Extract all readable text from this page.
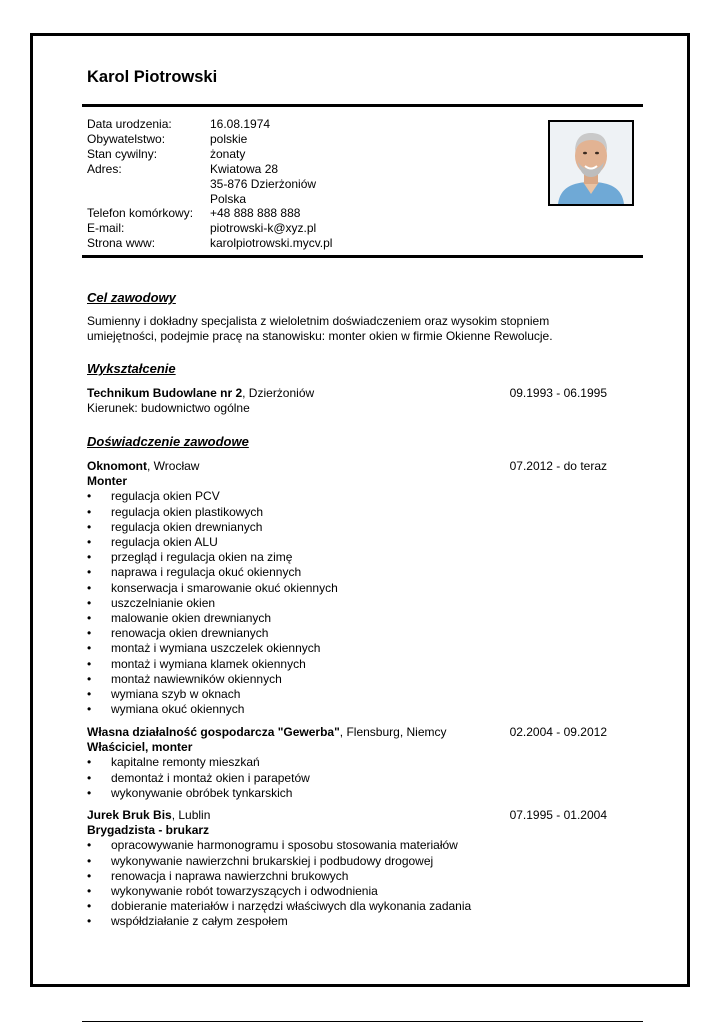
Karol Piotrowski
Data urodzenia:	16.08.1974
Obywatelstwo:	polskie
Stan cywilny:	żonaty
Adres:	Kwiatowa 28
35-876 Dzierżoniów
Polska
Telefon komórkowy:	+48 888 888 888
E-mail:	piotrowski-k@xyz.pl
Strona www:	karolpiotrowski.mycv.pl
Cel zawodowy
Sumienny i dokładny specjalista z wieloletnim doświadczeniem oraz wysokim stopniem
umiejętności, podejmie pracę na stanowisku: monter okien w firmie Okienne Rewolucje.
Wykształcenie
Technikum Budowlane nr 2, Dzierżoniów	09.1993 - 06.1995
Kierunek: budownictwo ogólne
Doświadczenie zawodowe
Oknomont, Wrocław	07.2012 - do teraz
Monter
•	regulacja okien PCV
•	regulacja okien plastikowych
•	regulacja okien drewnianych
•	regulacja okien ALU
•	przegląd i regulacja okien na zimę
•	naprawa i regulacja okuć okiennych
•	konserwacja i smarowanie okuć okiennych
•	uszczelnianie okien
•	malowanie okien drewnianych
•	renowacja okien drewnianych
•	montaż i wymiana uszczelek okiennych
•	montaż i wymiana klamek okiennych
•	montaż nawiewników okiennych
•	wymiana szyb w oknach
•	wymiana okuć okiennych
Własna działalność gospodarcza "Gewerba", Flensburg, Niemcy	02.2004 - 09.2012
Właściciel, monter
•	kapitalne remonty mieszkań
•	demontaż i montaż okien i parapetów
•	wykonywanie obróbek tynkarskich
Jurek Bruk Bis, Lublin	07.1995 - 01.2004
Brygadzista - brukarz
•	opracowywanie harmonogramu i sposobu stosowania materiałów
•	wykonywanie nawierzchni brukarskiej i podbudowy drogowej
•	renowacja i naprawa nawierzchni brukowych
•	wykonywanie robót towarzyszących i odwodnienia
•	dobieranie materiałów i narzędzi właściwych dla wykonania zadania
•	współdziałanie z całym zespołem
